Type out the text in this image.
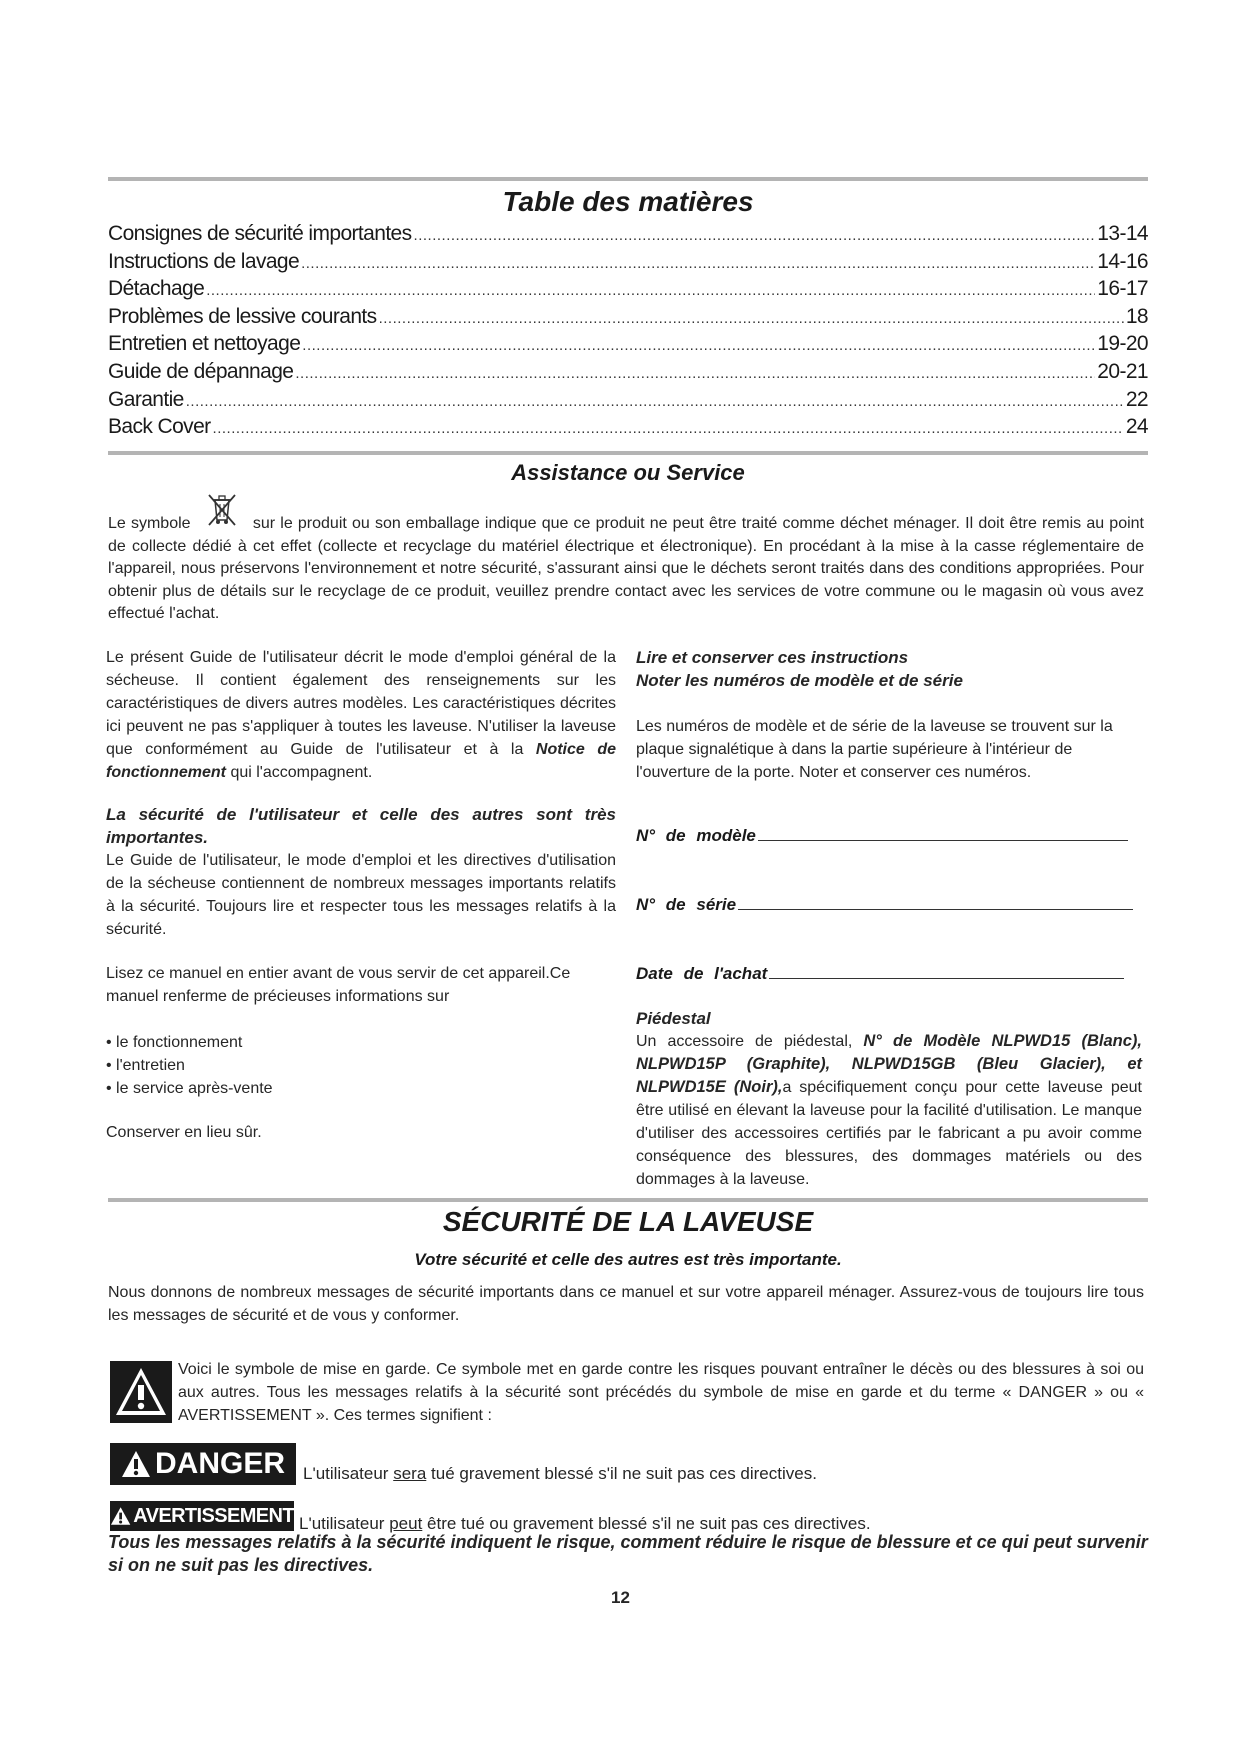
Table des matières
Consignes de sécurité importantes .....	13-14
Instructions de lavage .....	14-16
Détachage .....	16-17
Problèmes de lessive courants .....	18
Entretien et nettoyage .....	19-20
Guide de dépannage .....	20-21
Garantie .....	22
Back Cover .....	24
Assistance ou Service

Le symbole	sur le produit ou son emballage indique que ce produit ne peut être traité comme déchet ménager. Il doit être remis au point de collecte dédié à cet effet (collecte et recyclage du matériel électrique et électronique). En procédant à la mise à la casse réglementaire de l'appareil, nous préservons l'environnement et notre sécurité, s'assurant ainsi que le déchets seront traités dans des conditions appropriées. Pour obtenir plus de détails sur le recyclage de ce produit, veuillez prendre contact avec les services de votre commune ou le magasin où vous avez effectué l'achat.

Le présent Guide de l'utilisateur décrit le mode d'emploi général de la sécheuse. Il contient également des renseignements sur les caractéristiques de divers autres modèles. Les caractéristiques décrites ici peuvent ne pas s'appliquer à toutes les laveuse. N'utiliser la laveuse que conformément au Guide de l'utilisateur et à la Notice de fonctionnement qui l'accompagnent.

La sécurité de l'utilisateur et celle des autres sont très importantes.

Le Guide de l'utilisateur, le mode d'emploi et les directives d'utilisation de la sécheuse contiennent de nombreux messages importants relatifs à la sécurité. Toujours lire et respecter tous les messages relatifs à la sécurité.

Lisez ce manuel en entier avant de vous servir de cet appareil.Ce manuel renferme de précieuses informations sur

• le fonctionnement
• l'entretien
• le service après-vente

Conserver en lieu sûr.

Lire et conserver ces instructions

Noter les numéros de modèle et de série

Les numéros de modèle et de série de la laveuse se trouvent sur la plaque signalétique à dans la partie supérieure à l'intérieur de l'ouverture de la porte. Noter et conserver ces numéros.

N° de modèle
N° de série
Date de l'achat

Piédestal

Un accessoire de piédestal, N° de Modèle NLPWD15 (Blanc), NLPWD15P (Graphite), NLPWD15GB (Bleu Glacier), et NLPWD15E (Noir),a spécifiquement conçu pour cette laveuse peut être utilisé en élevant la laveuse pour la facilité d'utilisation. Le manque d'utiliser des accessoires certifiés par le fabricant a pu avoir comme conséquence des blessures, des dommages matériels ou des dommages à la laveuse.

SÉCURITÉ DE LA LAVEUSE

Votre sécurité et celle des autres est très importante.

Nous donnons de nombreux messages de sécurité importants dans ce manuel et sur votre appareil ménager. Assurez-vous de toujours lire tous les messages de sécurité et de vous y conformer.

Voici le symbole de mise en garde. Ce symbole met en garde contre les risques pouvant entraîner le décès ou des blessures à soi ou aux autres. Tous les messages relatifs à la sécurité sont précédés du symbole de mise en garde et du terme « DANGER » ou « AVERTISSEMENT ». Ces termes signifient :

DANGER L'utilisateur sera tué gravement blessé s'il ne suit pas ces directives.

AVERTISSEMENT L'utilisateur peut être tué ou gravement blessé s'il ne suit pas ces directives.

Tous les messages relatifs à la sécurité indiquent le risque, comment réduire le risque de blessure et ce qui peut survenir si on ne suit pas les directives.

12
